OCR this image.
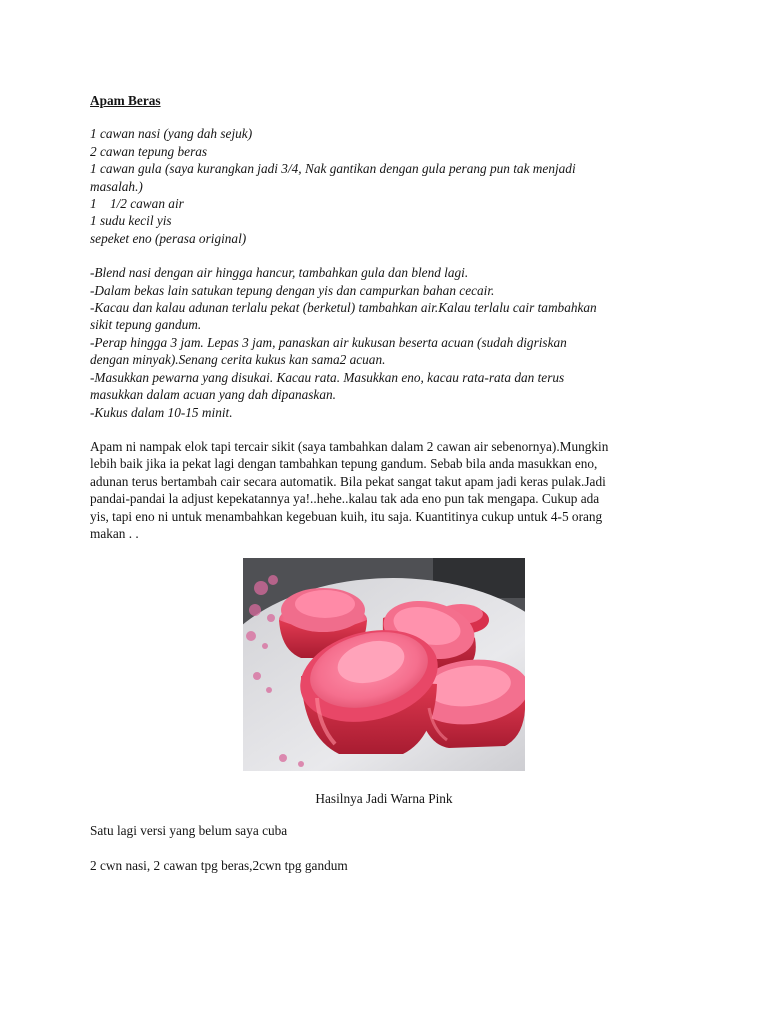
Apam Beras

1 cawan nasi (yang dah sejuk)

2 cawan tepung beras

1 cawan gula (saya kurangkan jadi 3/4, Nak gantikan dengan gula perang pun tak menjadi

masalah.)

1    1/2 cawan air

1 sudu kecil yis

sepeket eno (perasa original)

-Blend nasi dengan air hingga hancur, tambahkan gula dan blend lagi.

-Dalam bekas lain satukan tepung dengan yis dan campurkan bahan cecair.

-Kacau dan kalau adunan terlalu pekat (berketul) tambahkan air.Kalau terlalu cair tambahkan

sikit tepung gandum.

-Perap hingga 3 jam. Lepas 3 jam, panaskan air kukusan beserta acuan (sudah digriskan

dengan minyak).Senang cerita kukus kan sama2 acuan.

-Masukkan pewarna yang disukai. Kacau rata. Masukkan eno, kacau rata-rata dan terus

masukkan dalam acuan yang dah dipanaskan.

-Kukus dalam 10-15 minit.

Apam ni nampak elok tapi tercair sikit (saya tambahkan dalam 2 cawan air sebenornya).Mungkin
lebih baik jika ia pekat lagi dengan tambahkan tepung gandum. Sebab bila anda masukkan eno,
adunan terus bertambah cair secara automatik. Bila pekat sangat takut apam jadi keras pulak.Jadi
pandai-pandai la adjust kepekatannya ya!..hehe..kalau tak ada eno pun tak mengapa. Cukup ada
yis, tapi eno ni untuk menambahkan kegebuan kuih, itu saja. Kuantitinya cukup untuk 4-5 orang
makan . .
Hasilnya Jadi Warna Pink
Satu lagi versi yang belum saya cuba
2 cwn nasi, 2 cawan tpg beras,2cwn tpg gandum
